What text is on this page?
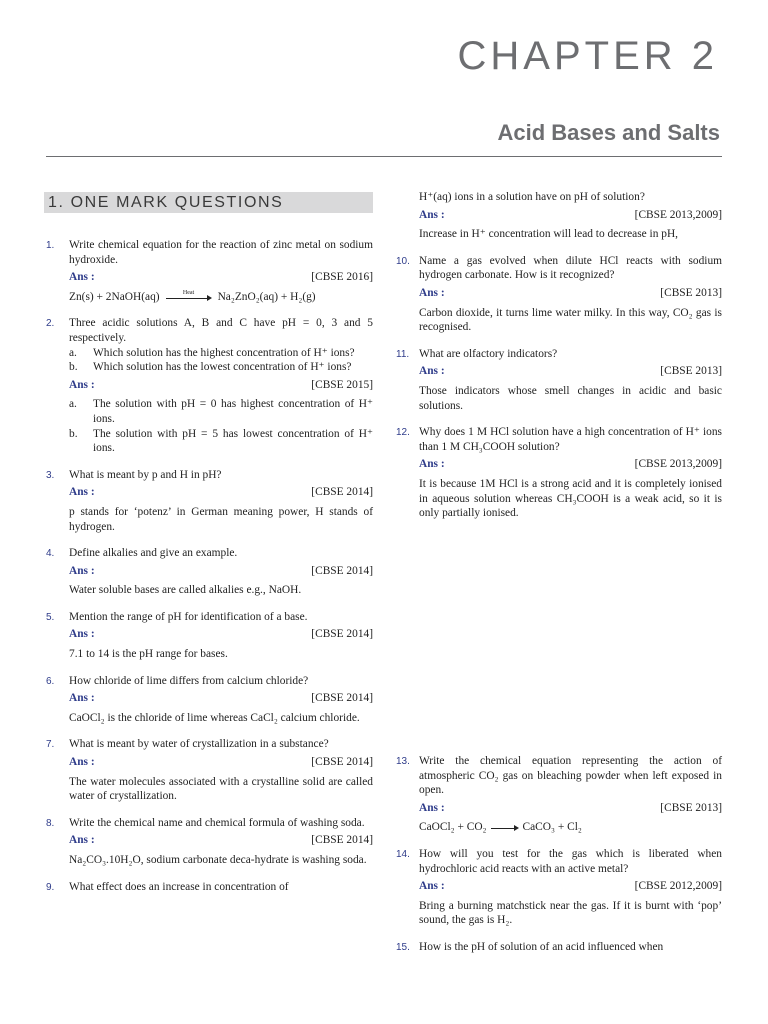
CHAPTER 2
Acid Bases and Salts
1. ONE MARK QUESTIONS
1. Write chemical equation for the reaction of zinc metal on sodium hydroxide.

Ans :	[CBSE 2016]
Zn(s) + 2NaOH(aq)	Heat	Na₂ZnO₂(aq) + H₂(g)
2. Three acidic solutions A, B and C have pH = 0, 3 and 5 respectively.

a. Which solution has the highest concentration of H⁺ ions?
b. Which solution has the lowest concentration of H⁺ ions?
Ans :	[CBSE 2015]
a. The solution with pH = 0 has highest concentration of H⁺ ions.
b. The solution with pH = 5 has lowest concentration of H⁺ ions.
3. What is meant by p and H in pH?

Ans :	[CBSE 2014]

p stands for ‘potenz’ in German meaning power, H stands of hydrogen.

4. Define alkalies and give an example.

Ans :	[CBSE 2014]

Water soluble bases are called alkalies e.g., NaOH.

5. Mention the range of pH for identification of a base.

Ans :	[CBSE 2014]

7.1 to 14 is the pH range for bases.

6. How chloride of lime differs from calcium chloride?

Ans :	[CBSE 2014]

CaOCl₂ is the chloride of lime whereas CaCl₂ calcium chloride.

7. What is meant by water of crystallization in a substance?

Ans :	[CBSE 2014]

The water molecules associated with a crystalline solid are called water of crystallization.

8. Write the chemical name and chemical formula of washing soda.

Ans :	[CBSE 2014]

Na₂CO₃.10H₂O, sodium carbonate deca-hydrate is washing soda.

9. What effect does an increase in concentration of

H⁺(aq) ions in a solution have on pH of solution?

Ans :	[CBSE 2013,2009]

Increase in H⁺ concentration will lead to decrease in pH,

10. Name a gas evolved when dilute HCl reacts with sodium hydrogen carbonate. How is it recognized?

Ans :	[CBSE 2013]

Carbon dioxide, it turns lime water milky. In this way, CO₂ gas is recognised.

11. What are olfactory indicators?

Ans :	[CBSE 2013]

Those indicators whose smell changes in acidic and basic solutions.

12. Why does 1 M HCl solution have a high concentration of H⁺ ions than 1 M CH₃COOH solution?

Ans :	[CBSE 2013,2009]

It is because 1M HCl is a strong acid and it is completely ionised in aqueous solution whereas CH₃COOH is a weak acid, so it is only partially ionised.

13. Write the chemical equation representing the action of atmospheric CO₂ gas on bleaching powder when left exposed in open.

Ans :	[CBSE 2013]
CaOCl₂ + CO₂	CaCO₃ + Cl₂
14. How will you test for the gas which is liberated when hydrochloric acid reacts with an active metal?

Ans :	[CBSE 2012,2009]

Bring a burning matchstick near the gas. If it is burnt with ‘pop’ sound, the gas is H₂.

15. How is the pH of solution of an acid influenced when
